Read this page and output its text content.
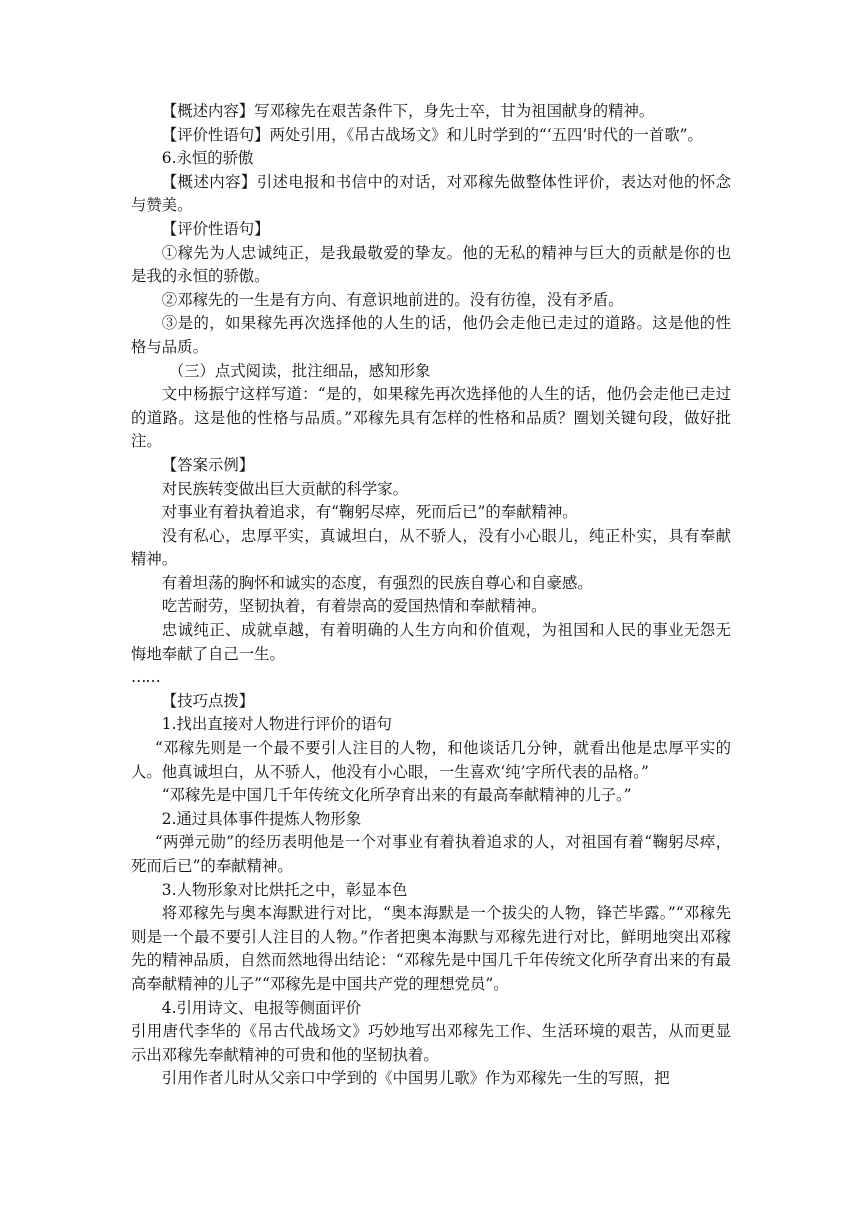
【概述内容】写邓稼先在艰苦条件下，身先士卒，甘为祖国献身的精神。

【评价性语句】两处引用，《吊古战场文》和儿时学到的“‘五四’时代的一首歌”。

6.永恒的骄傲

【概述内容】引述电报和书信中的对话，对邓稼先做整体性评价，表达对他的怀念与赞美。

【评价性语句】

①稼先为人忠诚纯正，是我最敬爱的挚友。他的无私的精神与巨大的贡献是你的也是我的永恒的骄傲。

②邓稼先的一生是有方向、有意识地前进的。没有彷徨，没有矛盾。

③是的，如果稼先再次选择他的人生的话，他仍会走他已走过的道路。这是他的性格与品质。

（三）点式阅读，批注细品，感知形象

文中杨振宁这样写道：“是的，如果稼先再次选择他的人生的话，他仍会走他已走过的道路。这是他的性格与品质。”邓稼先具有怎样的性格和品质？圈划关键句段，做好批注。

【答案示例】

对民族转变做出巨大贡献的科学家。

对事业有着执着追求，有“鞠躬尽瘁，死而后已”的奉献精神。

没有私心，忠厚平实，真诚坦白，从不骄人，没有小心眼儿，纯正朴实，具有奉献精神。

有着坦荡的胸怀和诚实的态度，有强烈的民族自尊心和自豪感。

吃苦耐劳，坚韧执着，有着崇高的爱国热情和奉献精神。

忠诚纯正、成就卓越，有着明确的人生方向和价值观，为祖国和人民的事业无怨无悔地奉献了自己一生。

……

【技巧点拨】

1.找出直接对人物进行评价的语句

“邓稼先则是一个最不要引人注目的人物，和他谈话几分钟，就看出他是忠厚平实的人。他真诚坦白，从不骄人，他没有小心眼，一生喜欢‘纯’字所代表的品格。”

“邓稼先是中国几千年传统文化所孕育出来的有最高奉献精神的儿子。”

2.通过具体事件提炼人物形象

“两弹元勋”的经历表明他是一个对事业有着执着追求的人，对祖国有着“鞠躬尽瘁，死而后已”的奉献精神。

3.人物形象对比烘托之中，彰显本色

将邓稼先与奥本海默进行对比，“奥本海默是一个拔尖的人物，锋芒毕露。”“邓稼先则是一个最不要引人注目的人物。”作者把奥本海默与邓稼先进行对比，鲜明地突出邓稼先的精神品质，自然而然地得出结论：“邓稼先是中国几千年传统文化所孕育出来的有最高奉献精神的儿子”“邓稼先是中国共产党的理想党员”。

4.引用诗文、电报等侧面评价

引用唐代李华的《吊古代战场文》巧妙地写出邓稼先工作、生活环境的艰苦，从而更显示出邓稼先奉献精神的可贵和他的坚韧执着。

引用作者儿时从父亲口中学到的《中国男儿歌》作为邓稼先一生的写照，把
